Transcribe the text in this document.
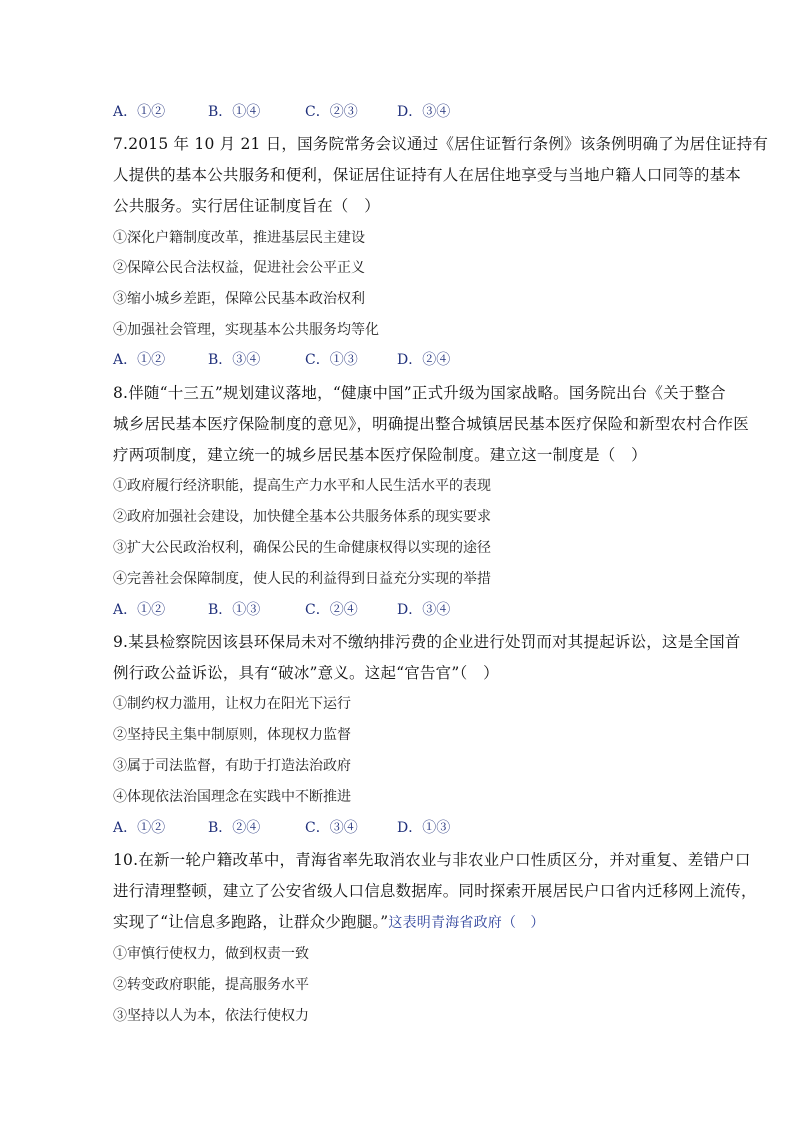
A．①②	B．①④	C．②③	D．③④
7.2015 年 10 月 21 日，国务院常务会议通过《居住证暂行条例》该条例明确了为居住证持有
人提供的基本公共服务和便利，保证居住证持有人在居住地享受与当地户籍人口同等的基本
公共服务。实行居住证制度旨在（　）
①深化户籍制度改革，推进基层民主建设
②保障公民合法权益，促进社会公平正义
③缩小城乡差距，保障公民基本政治权利
④加强社会管理，实现基本公共服务均等化
A．①②	B．③④	C．①③	D．②④
8.伴随“十三五”规划建议落地，“健康中国”正式升级为国家战略。国务院出台《关于整合
城乡居民基本医疗保险制度的意见》，明确提出整合城镇居民基本医疗保险和新型农村合作医
疗两项制度，建立统一的城乡居民基本医疗保险制度。建立这一制度是（　）
①政府履行经济职能，提高生产力水平和人民生活水平的表现
②政府加强社会建设，加快健全基本公共服务体系的现实要求
③扩大公民政治权利，确保公民的生命健康权得以实现的途径
④完善社会保障制度，使人民的利益得到日益充分实现的举措
A．①②	B．①③	C．②④	D．③④
9.某县检察院因该县环保局未对不缴纳排污费的企业进行处罚而对其提起诉讼，这是全国首
例行政公益诉讼，具有“破冰”意义。这起“官告官”（　）
①制约权力滥用，让权力在阳光下运行
②坚持民主集中制原则，体现权力监督
③属于司法监督，有助于打造法治政府
④体现依法治国理念在实践中不断推进
A．①②	B．②④	C．③④	D．①③
10.在新一轮户籍改革中，青海省率先取消农业与非农业户口性质区分，并对重复、差错户口
进行清理整顿，建立了公安省级人口信息数据库。同时探索开展居民户口省内迁移网上流传，
实现了“让信息多跑路，让群众少跑腿。”这表明青海省政府（　）
①审慎行使权力，做到权责一致
②转变政府职能，提高服务水平
③坚持以人为本，依法行使权力
